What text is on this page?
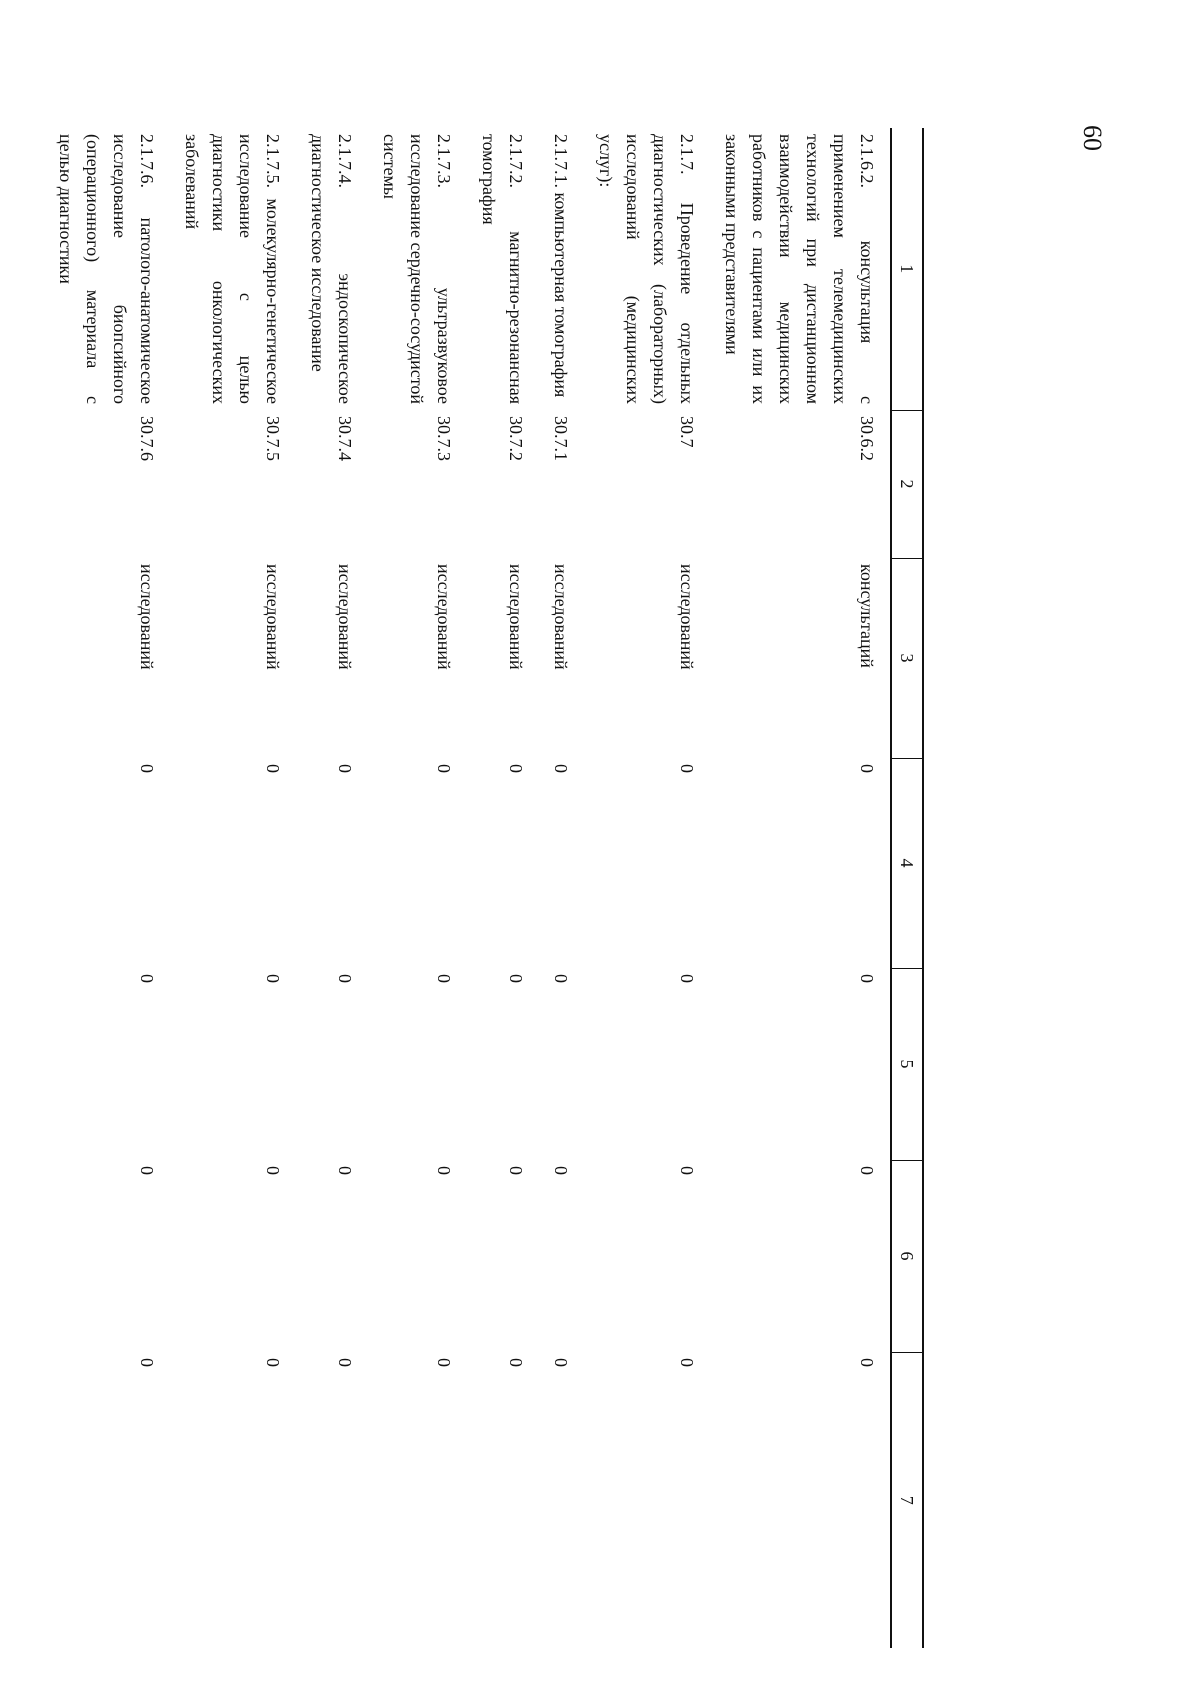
60
1	2	3	4	5	6	7
2.1.6.2. консультация с применением телемедицинских технологий при дистанционном взаимодействии медицинских работников с пациентами или их законными представителями	30.6.2	консультаций	0	0	0	0
2.1.7. Проведение отдельных диагностических (лабораторных) исследований (медицинских услуг):	30.7	исследований	0	0	0	0
2.1.7.1. компьютерная томография	30.7.1	исследований	0	0	0	0
2.1.7.2. магнитно-резонансная томография	30.7.2	исследований	0	0	0	0
2.1.7.3. ультразвуковое исследование сердечно-сосудистой системы	30.7.3	исследований	0	0	0	0
2.1.7.4. эндоскопическое диагностическое исследование	30.7.4	исследований	0	0	0	0
2.1.7.5. молекулярно-генетическое исследование с целью диагностики онкологических заболеваний	30.7.5	исследований	0	0	0	0
2.1.7.6. патолого-анатомическое исследование биопсийного (операционного) материала с целью диагностики	30.7.6	исследований	0	0	0	0
